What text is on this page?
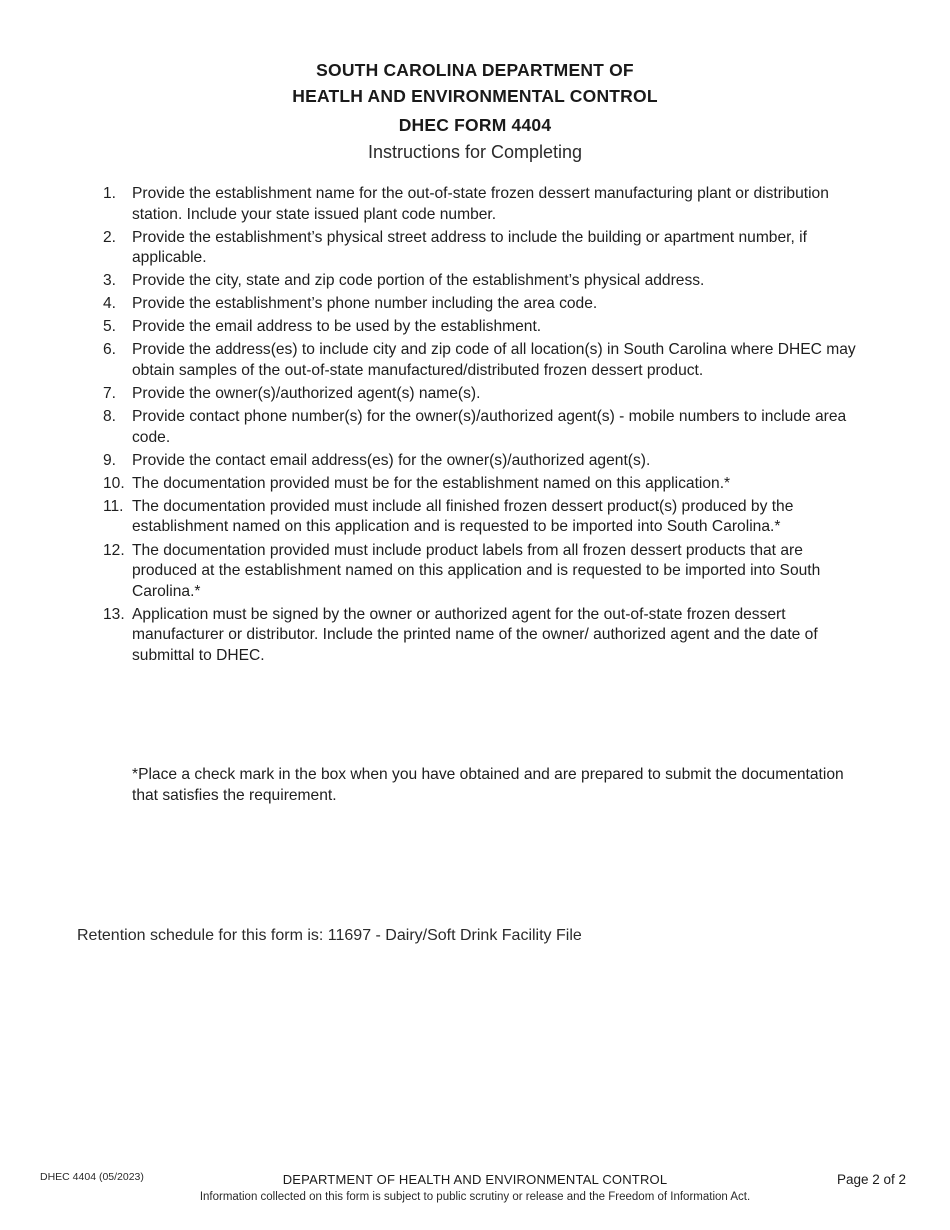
SOUTH CAROLINA DEPARTMENT OF
HEATLH AND ENVIRONMENTAL CONTROL
DHEC FORM 4404
Instructions for Completing
1.	Provide the establishment name for the out-of-state frozen dessert manufacturing plant or distribution station. Include your state issued plant code number.
2.	Provide the establishment’s physical street address to include the building or apartment number, if applicable.
3.	Provide the city, state and zip code portion of the establishment’s physical address.
4.	Provide the establishment’s phone number including the area code.
5.	Provide the email address to be used by the establishment.
6.	Provide the address(es) to include city and zip code of all location(s) in South Carolina where DHEC may obtain samples of the out-of-state manufactured/distributed frozen dessert product.
7.	Provide the owner(s)/authorized agent(s) name(s).
8.	Provide contact phone number(s) for the owner(s)/authorized agent(s) - mobile numbers to include area code.
9.	Provide the contact email address(es) for the owner(s)/authorized agent(s).
10. The documentation provided must be for the establishment named on this application.*
11. The documentation provided must include all finished frozen dessert product(s) produced by the establishment named on this application and is requested to be imported into South Carolina.*
12. The documentation provided must include product labels from all frozen dessert products that are produced at the establishment named on this application and is requested to be imported into South Carolina.*
13. Application must be signed by the owner or authorized agent for the out-of-state frozen dessert manufacturer or distributor. Include the printed name of the owner/ authorized agent and the date of submittal to DHEC.
*Place a check mark in the box when you have obtained and are prepared to submit the documentation that satisfies the requirement.
Retention schedule for this form is: 11697 - Dairy/Soft Drink Facility File
DHEC 4404 (05/2023)	DEPARTMENT OF HEALTH AND ENVIRONMENTAL CONTROL	Page 2 of 2
Information collected on this form is subject to public scrutiny or release and the Freedom of Information Act.
